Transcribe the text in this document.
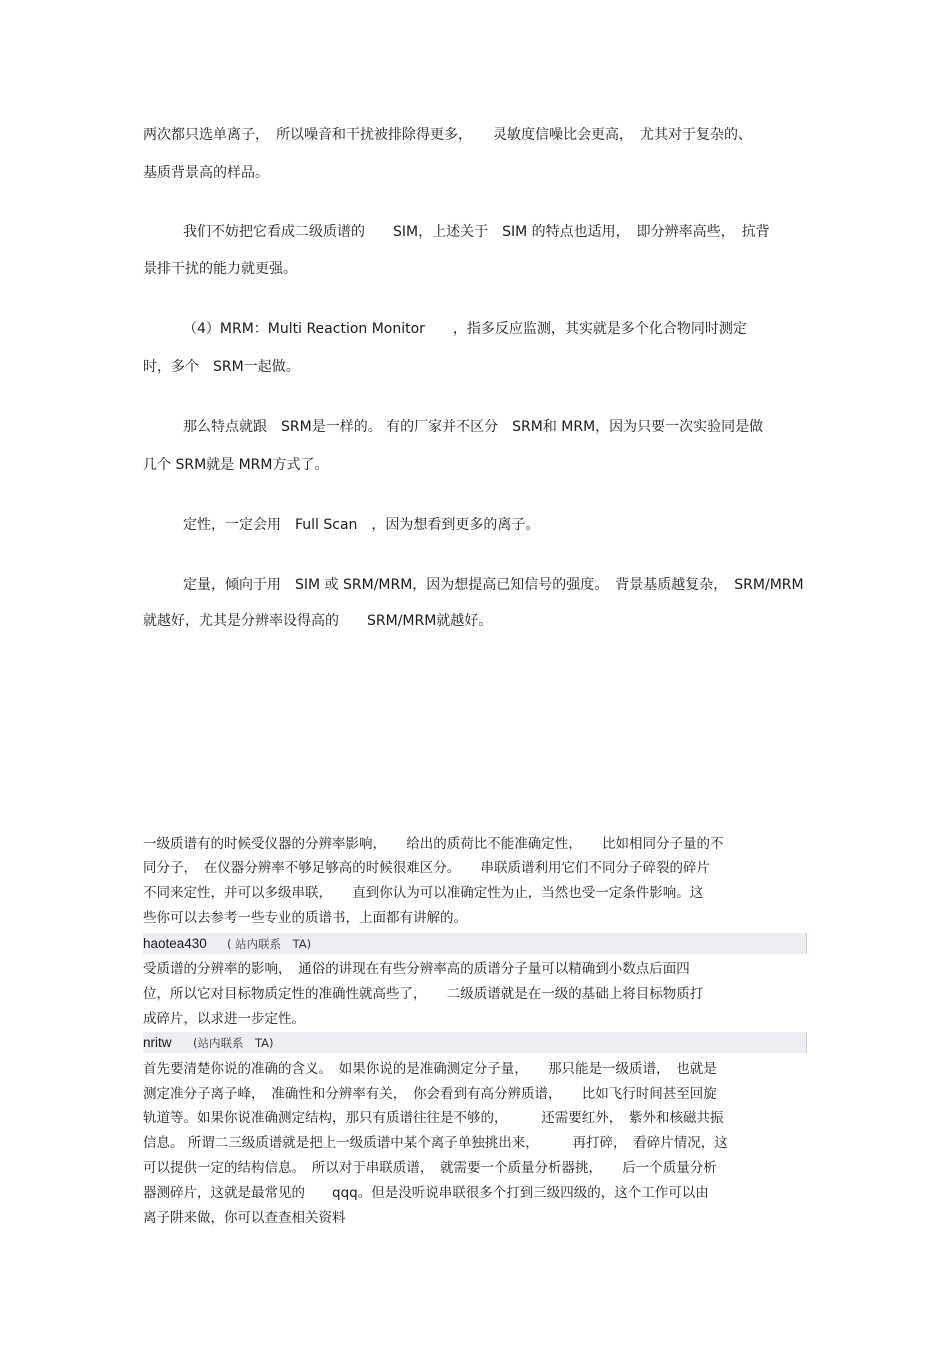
两次都只选单离子，　所以噪音和干扰被排除得更多，　　灵敏度信噪比会更高，　尤其对于复杂的、
基质背景高的样品。
我们不妨把它看成二级质谱的　　SIM，上述关于　SIM 的特点也适用，　即分辨率高些，　抗背
景排干扰的能力就更强。
（4）MRM：Multi Reaction Monitor　　，指多反应监测，其实就是多个化合物同时测定
时，多个　SRM一起做。
那么特点就跟　SRM是一样的。 有的厂家并不区分　SRM和 MRM，因为只要一次实验同是做
几个 SRM就是 MRM方式了。
定性，一定会用　Full Scan　，因为想看到更多的离子。
定量，倾向于用　SIM 或 SRM/MRM，因为想提高已知信号的强度。　背景基质越复杂，　SRM/MRM
就越好，尤其是分辨率设得高的　　SRM/MRM就越好。
一级质谱有的时候受仪器的分辨率影响，　　给出的质荷比不能准确定性，　　比如相同分子量的不
同分子，　在仪器分辨率不够足够高的时候很难区分。　　串联质谱利用它们不同分子碎裂的碎片
不同来定性，并可以多级串联，　　直到你认为可以准确定性为止，当然也受一定条件影响。这
些你可以去参考一些专业的质谱书，上面都有讲解的。
haotea430 ( 站内联系　TA)
受质谱的分辨率的影响，　通俗的讲现在有些分辨率高的质谱分子量可以精确到小数点后面四
位，所以它对目标物质定性的准确性就高些了，　　二级质谱就是在一级的基础上将目标物质打
成碎片，以求进一步定性。
nritw (站内联系　TA)
首先要清楚你说的准确的含义。　如果你说的是准确测定分子量，　　那只能是一级质谱，　也就是
测定准分子离子峰，　准确性和分辨率有关，　你会看到有高分辨质谱，　　比如飞行时间甚至回旋
轨道等。如果你说准确测定结构，那只有质谱往往是不够的，　　　还需要红外，　紫外和核磁共振
信息。 所谓二三级质谱就是把上一级质谱中某个离子单独挑出来，　　　再打碎，　看碎片情况，这
可以提供一定的结构信息。　所以对于串联质谱，　就需要一个质量分析器挑，　　后一个质量分析
器测碎片，这就是最常见的　　qqq。但是没听说串联很多个打到三级四级的，这个工作可以由
离子阱来做，你可以查查相关资料
